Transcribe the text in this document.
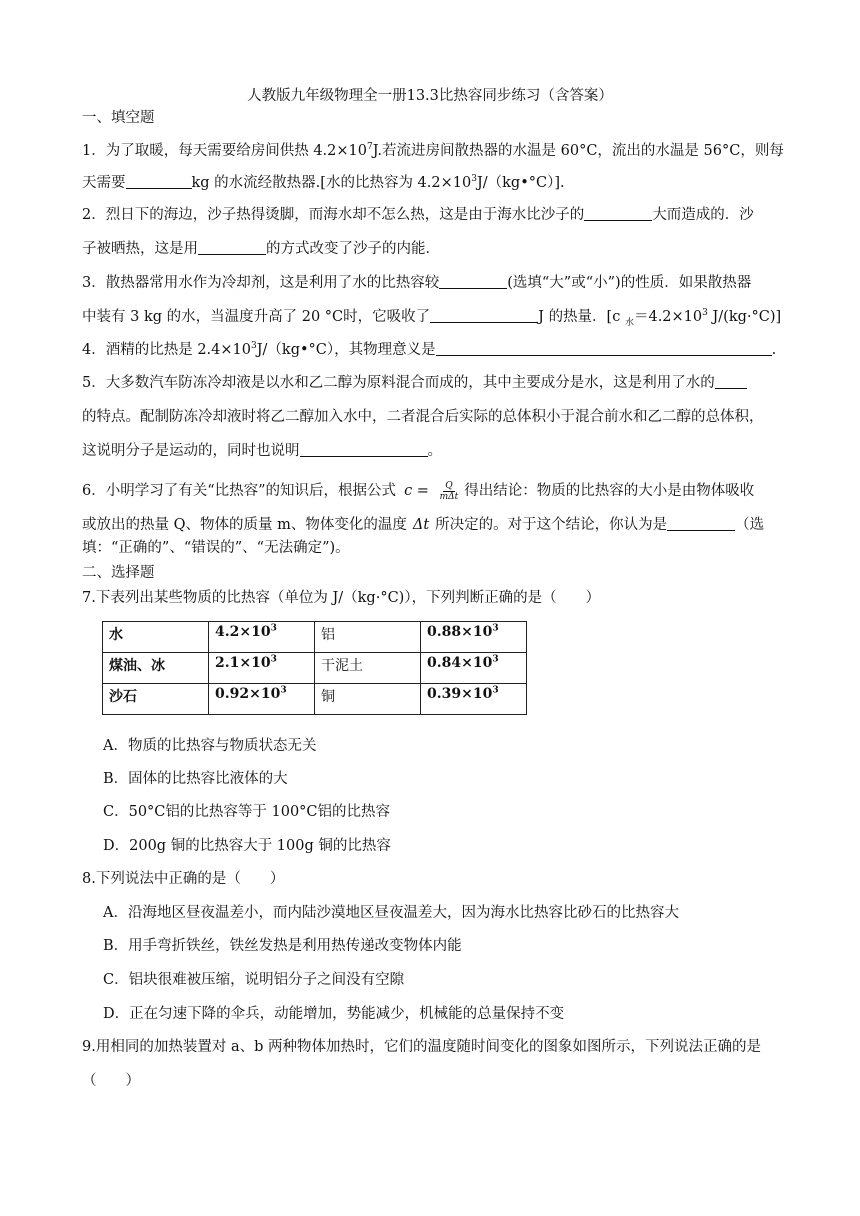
人教版九年级物理全一册13.3比热容同步练习（含答案）
一、填空题
1．为了取暖，每天需要给房间供热 $4.2\times 10^7J$.若流进房间散热器的水温是 60°C，流出的水温是 56°C，则每
天需要	kg 的水流经散热器.[水的比热容为 $4.2\times 10^3J/(kg•^\circ C)$].
2．烈日下的海边，沙子热得烫脚，而海水却不怎么热，这是由于海水比沙子的	大而造成的．沙
子被晒热，这是用	的方式改变了沙子的内能．
3．散热器常用水作为冷却剂，这是利用了水的比热容较	(选填“大”或“小”)的性质．如果散热器
中装有 3 kg 的水，当温度升高了 20 °C时，它吸收了	J 的热量．[c $_水=4.2\times 10^3$ J/(kg·°C)]
4．酒精的比热是 $2.4\times 10^3J/(kg•^\circ C)$，其物理意义是	.
5．大多数汽车防冻冷却液是以水和乙二醇为原料混合而成的，其中主要成分是水，这是利用了水的
的特点。配制防冻冷却液时将乙二醇加入水中，二者混合后实际的总体积小于混合前水和乙二醇的总体积，
这说明分子是运动的，同时也说明	。
6．小明学习了有关“比热容”的知识后，根据公式 $c = \frac{Q}{\text{mΔt}}$ 得出结论：物质的比热容的大小是由物体吸收
或放出的热量 Q、物体的质量 m、物体变化的温度 Δt 所决定的。对于这个结论，你认为是	（选
填：“正确的”、“错误的”、“无法确定”)。
二、选择题
7.下表列出某些物质的比热容（单位为 J/（kg·°C)），下列判断正确的是（　　）
水	$4.2\times 10^3$	铝	$0.88\times 10^3$
煤油、冰	$2.1\times 10^3$	干泥土	$0.84\times 10^3$
沙石	$0.92\times 10^3$	铜	$0.39\times 10^3$
A．物质的比热容与物质状态无关
B．固体的比热容比液体的大
C．50°C铝的比热容等于 100°C铝的比热容
D．200g 铜的比热容大于 100g 铜的比热容
8.下列说法中正确的是（　　）
A．沿海地区昼夜温差小，而内陆沙漠地区昼夜温差大，因为海水比热容比砂石的比热容大
B．用手弯折铁丝，铁丝发热是利用热传递改变物体内能
C．铝块很难被压缩，说明铝分子之间没有空隙
D．正在匀速下降的伞兵，动能增加，势能减少，机械能的总量保持不变
9.用相同的加热装置对 a、b 两种物体加热时，它们的温度随时间变化的图象如图所示，下列说法正确的是
（　　）
